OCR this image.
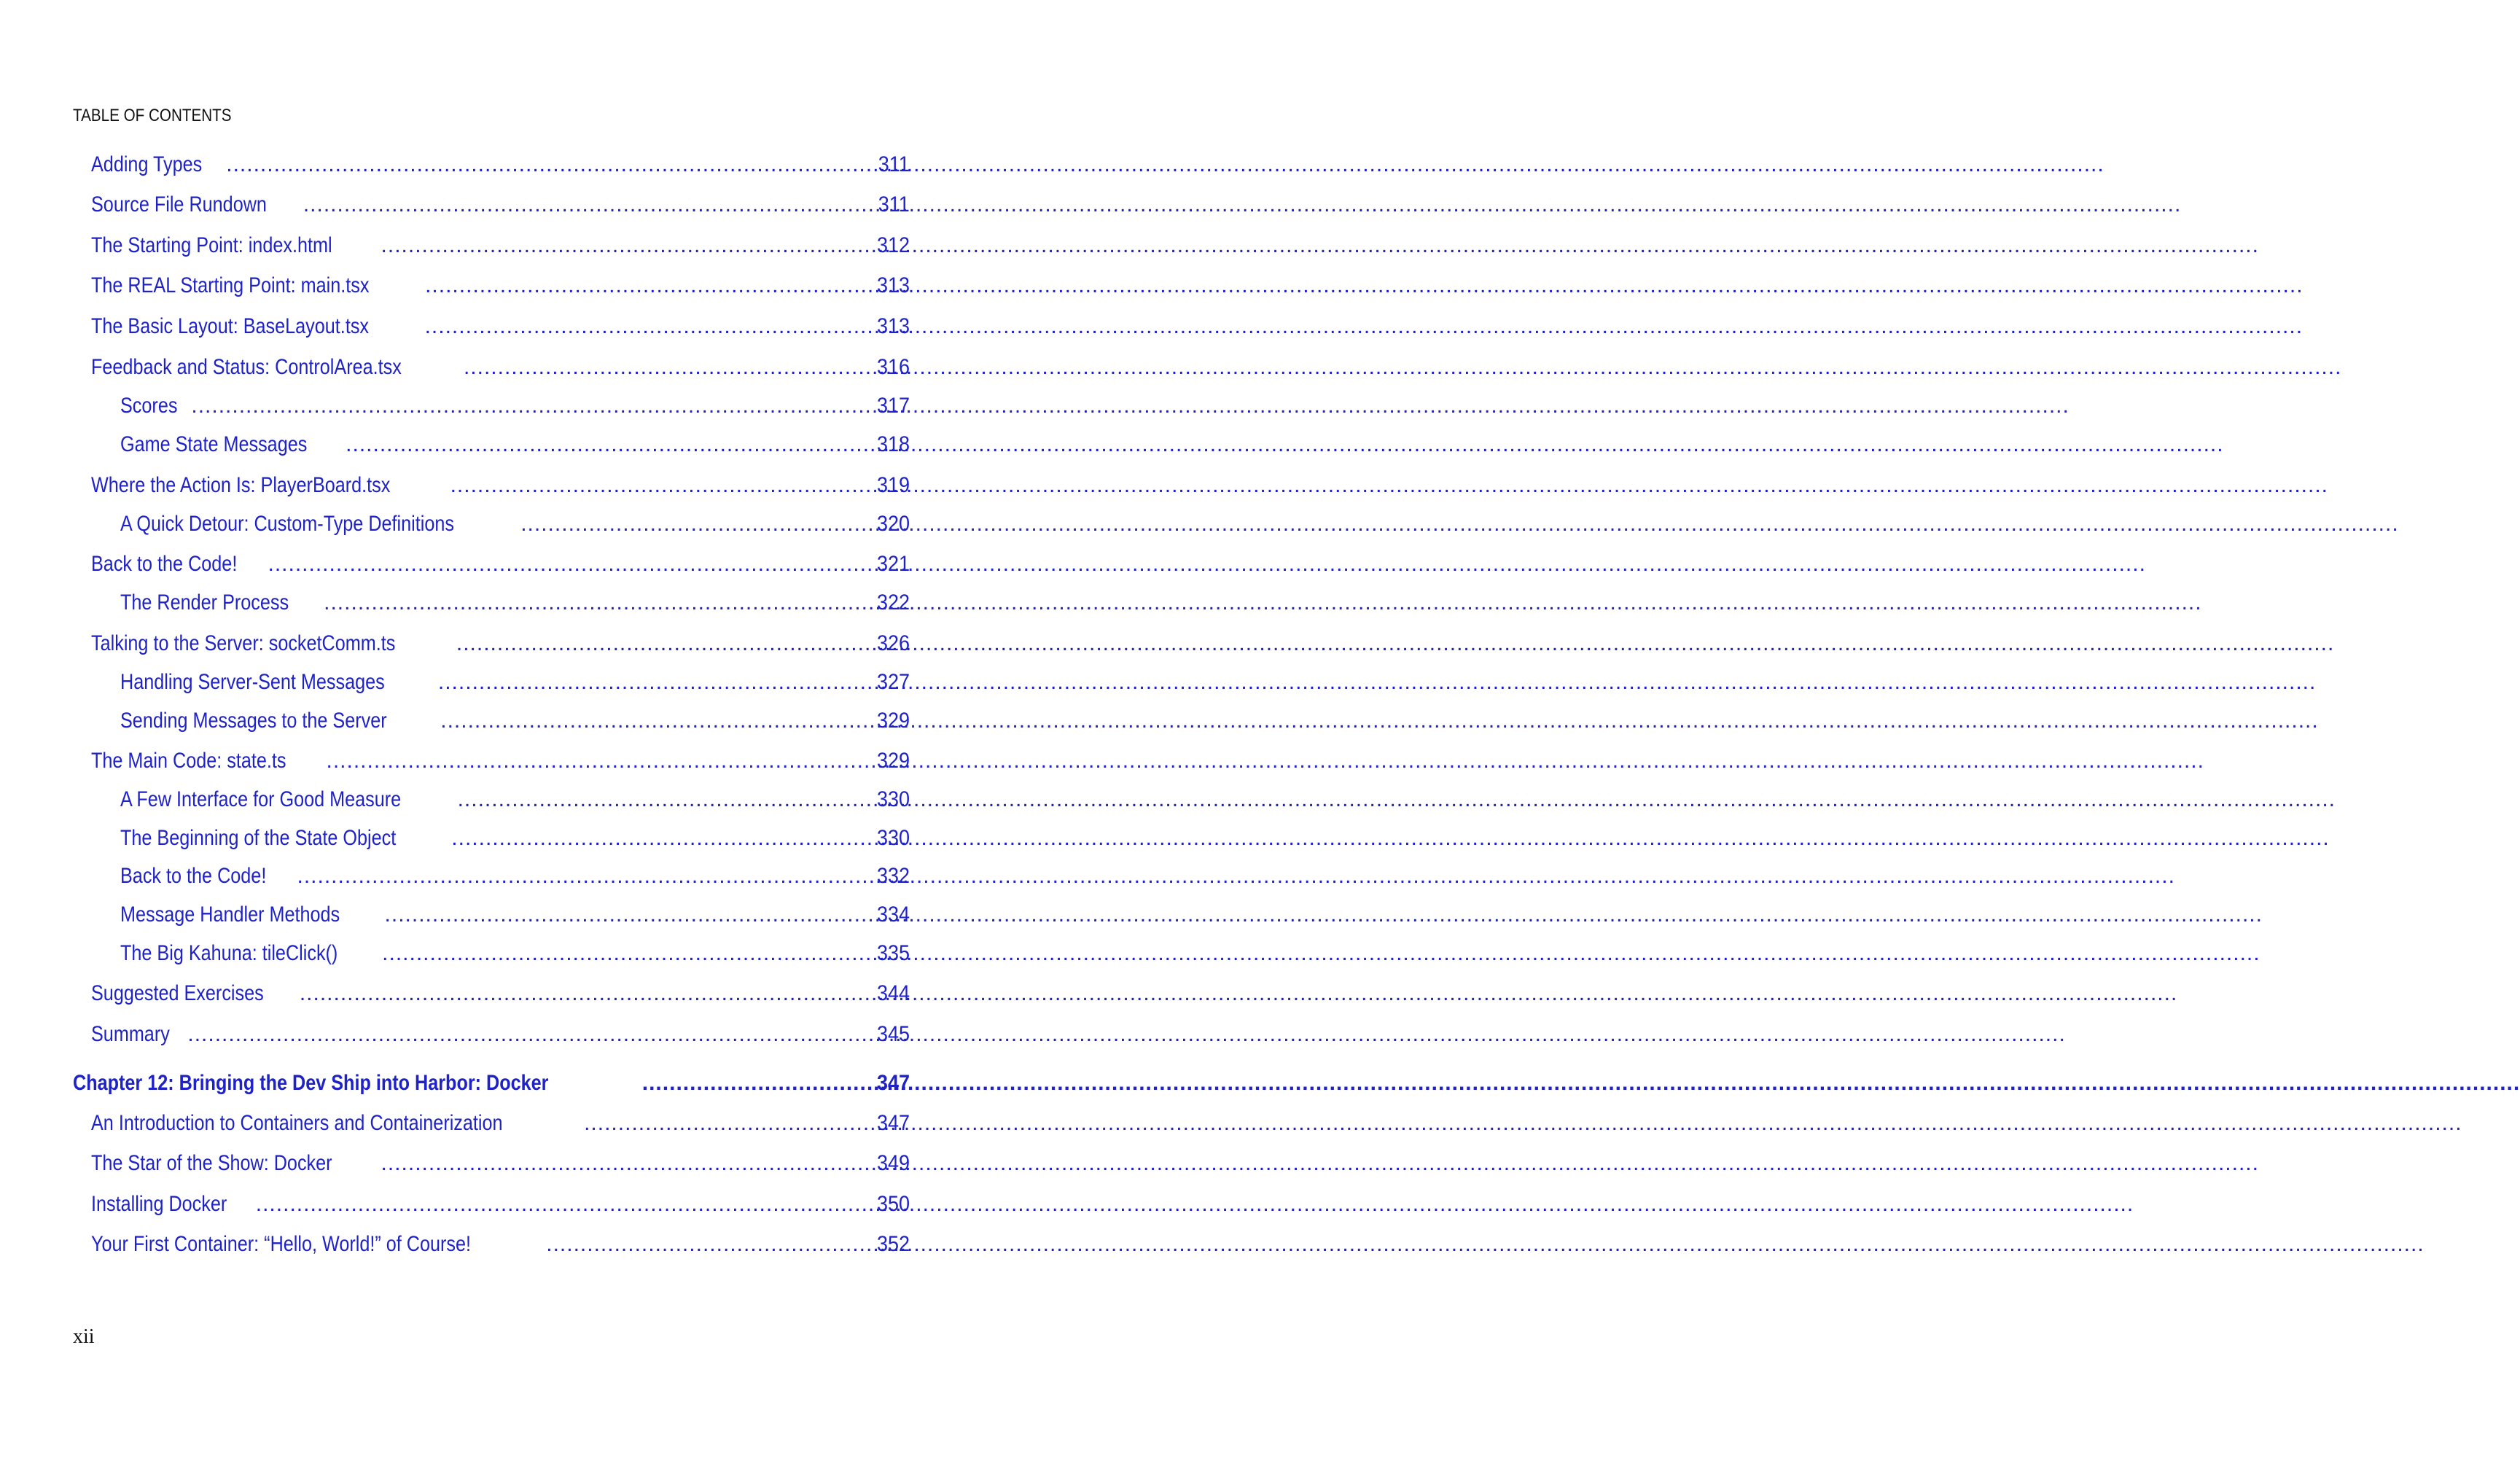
TABLE OF CONTENTS
Adding Types .....	311
Source File Rundown .....	311
The Starting Point: index.html .....	312
The REAL Starting Point: main.tsx .....	313
The Basic Layout: BaseLayout.tsx .....	313
Feedback and Status: ControlArea.tsx .....	316
Scores .....	317
Game State Messages .....	318
Where the Action Is: PlayerBoard.tsx .....	319
A Quick Detour: Custom-Type Definitions .....	320
Back to the Code! .....	321
The Render Process .....	322
Talking to the Server: socketComm.ts .....	326
Handling Server-Sent Messages .....	327
Sending Messages to the Server .....	329
The Main Code: state.ts .....	329
A Few Interface for Good Measure .....	330
The Beginning of the State Object .....	330
Back to the Code! .....	332
Message Handler Methods .....	334
The Big Kahuna: tileClick() .....	335
Suggested Exercises .....	344
Summary .....	345
Chapter 12: Bringing the Dev Ship into Harbor: Docker .....	347
An Introduction to Containers and Containerization .....	347
The Star of the Show: Docker .....	349
Installing Docker .....	350
Your First Container: “Hello, World!” of Course! .....	352
xii
